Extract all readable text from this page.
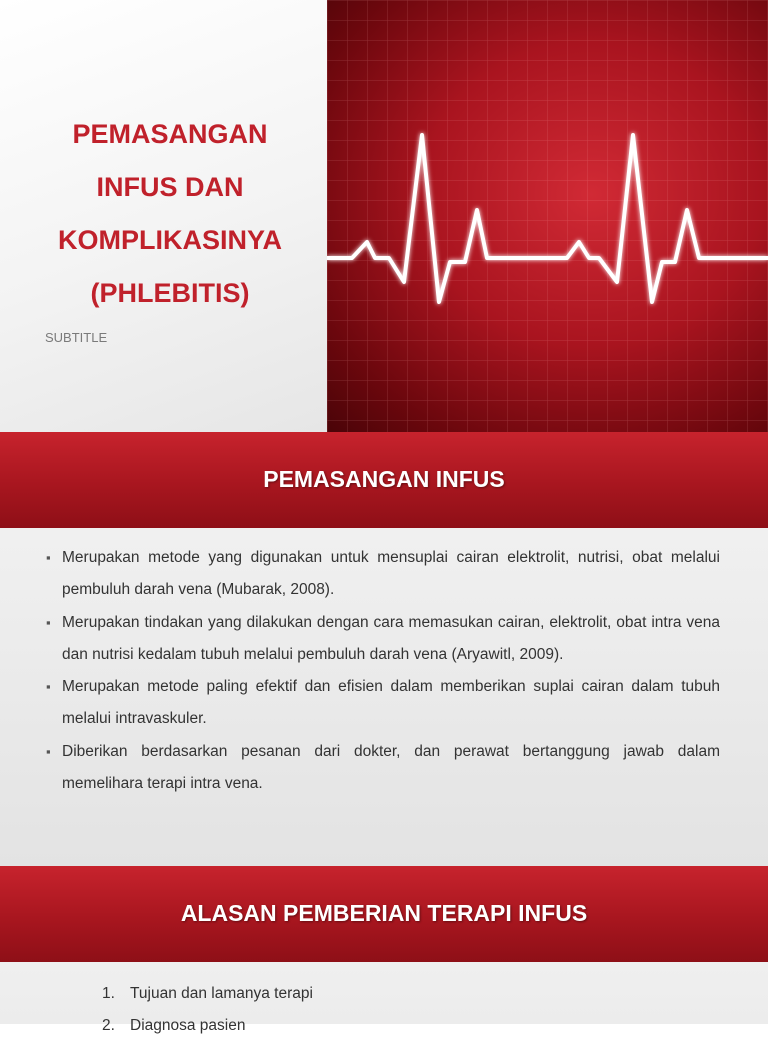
PEMASANGAN
INFUS DAN
KOMPLIKASINYA
(PHLEBITIS)
SUBTITLE
PEMASANGAN INFUS
▪ Merupakan metode yang digunakan untuk mensuplai cairan elektrolit, nutrisi, obat melalui pembuluh darah vena (Mubarak, 2008).
▪ Merupakan tindakan yang dilakukan dengan cara memasukan cairan, elektrolit, obat intra vena dan nutrisi kedalam tubuh melalui pembuluh darah vena (Aryawitl, 2009).
▪ Merupakan metode paling efektif dan efisien dalam memberikan suplai cairan dalam tubuh melalui intravaskuler.
▪ Diberikan berdasarkan pesanan dari dokter, dan perawat bertanggung jawab dalam memelihara terapi intra vena.
ALASAN PEMBERIAN TERAPI INFUS
1. Tujuan dan lamanya terapi
2. Diagnosa pasien
